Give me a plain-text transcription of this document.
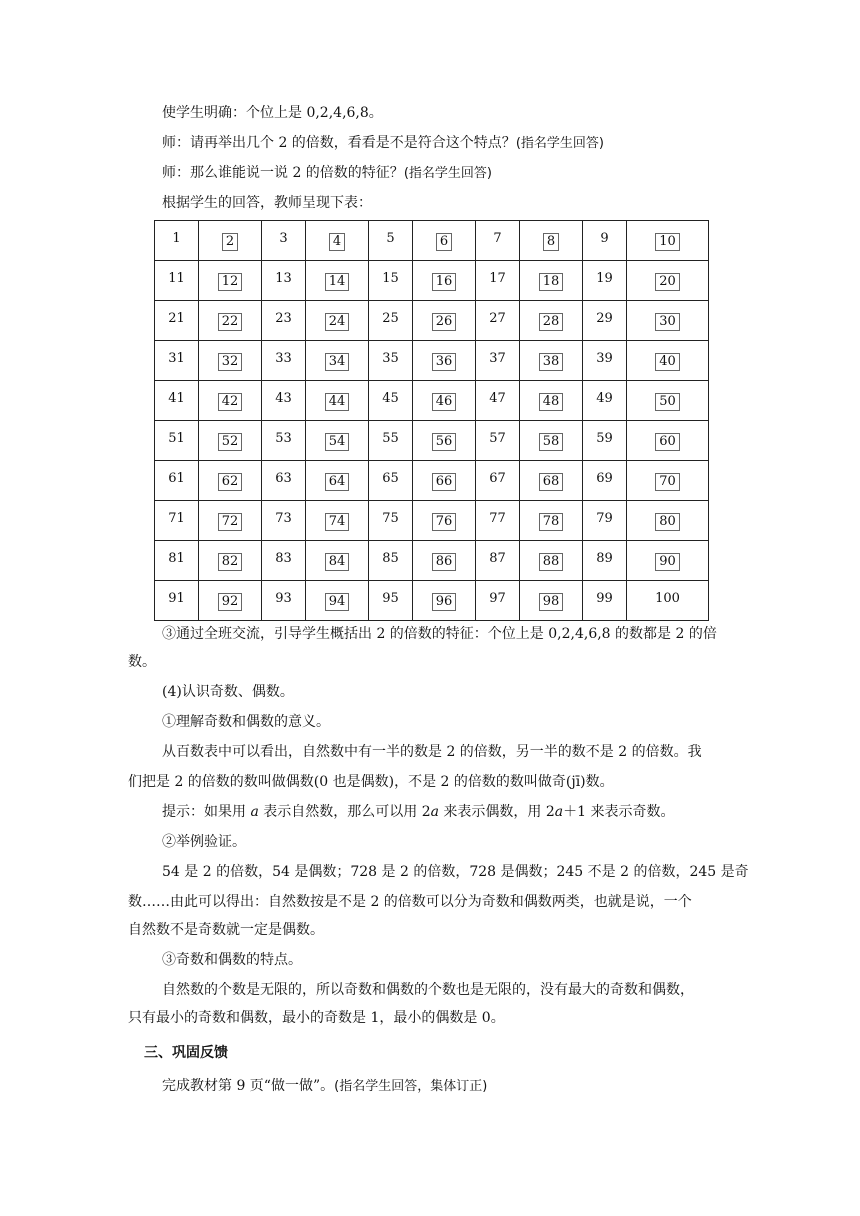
使学生明确：个位上是 0,2,4,6,8。
师：请再举出几个 2 的倍数，看看是不是符合这个特点？(指名学生回答)
师：那么谁能说一说 2 的倍数的特征？(指名学生回答)
根据学生的回答，教师呈现下表：
1	2	3	4	5	6	7	8	9	10
11	12	13	14	15	16	17	18	19	20
21	22	23	24	25	26	27	28	29	30
31	32	33	34	35	36	37	38	39	40
41	42	43	44	45	46	47	48	49	50
51	52	53	54	55	56	57	58	59	60
61	62	63	64	65	66	67	68	69	70
71	72	73	74	75	76	77	78	79	80
81	82	83	84	85	86	87	88	89	90
91	92	93	94	95	96	97	98	99	100
③通过全班交流，引导学生概括出 2 的倍数的特征：个位上是 0,2,4,6,8 的数都是 2 的倍
数。
(4)认识奇数、偶数。
①理解奇数和偶数的意义。
从百数表中可以看出，自然数中有一半的数是 2 的倍数，另一半的数不是 2 的倍数。我
们把是 2 的倍数的数叫做偶数(0 也是偶数)，不是 2 的倍数的数叫做奇(jī)数。
提示：如果用 a 表示自然数，那么可以用 2a 来表示偶数，用 2a＋1 来表示奇数。
②举例验证。
54 是 2 的倍数，54 是偶数；728 是 2 的倍数，728 是偶数；245 不是 2 的倍数，245 是奇
数……由此可以得出：自然数按是不是 2 的倍数可以分为奇数和偶数两类，也就是说，一个
自然数不是奇数就一定是偶数。
③奇数和偶数的特点。
自然数的个数是无限的，所以奇数和偶数的个数也是无限的，没有最大的奇数和偶数，
只有最小的奇数和偶数，最小的奇数是 1，最小的偶数是 0。
三、巩固反馈
完成教材第 9 页“做一做”。(指名学生回答，集体订正)
